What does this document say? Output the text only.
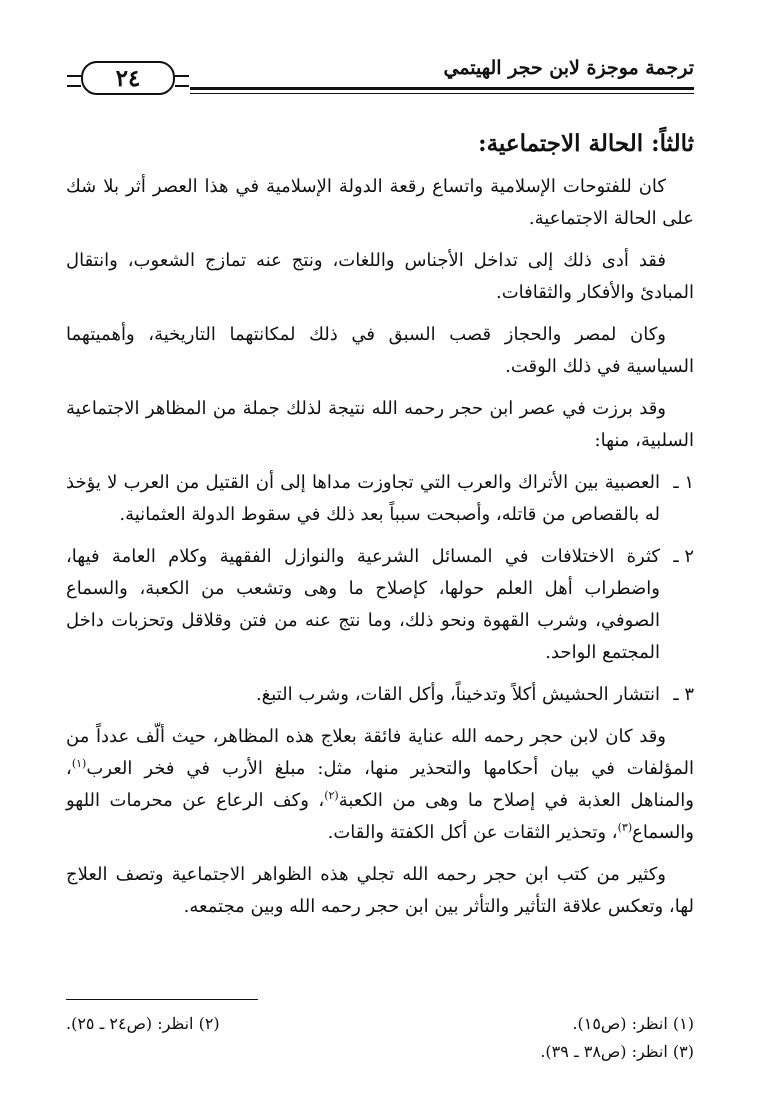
ترجمة موجزة لابن حجر الهيتمي
٢٤
ثالثاً: الحالة الاجتماعية:

كان للفتوحات الإسلامية واتساع رقعة الدولة الإسلامية في هذا العصر أثر بلا شك على الحالة الاجتماعية.

فقد أدى ذلك إلى تداخل الأجناس واللغات، ونتج عنه تمازج الشعوب، وانتقال المبادئ والأفكار والثقافات.

وكان لمصر والحجاز قصب السبق في ذلك لمكانتهما التاريخية، وأهميتهما السياسية في ذلك الوقت.

وقد برزت في عصر ابن حجر رحمه الله نتيجة لذلك جملة من المظاهر الاجتماعية السلبية، منها:

١ ـ
العصبية بين الأتراك والعرب التي تجاوزت مداها إلى أن القتيل من العرب لا يؤخذ له بالقصاص من قاتله، وأصبحت سبباً بعد ذلك في سقوط الدولة العثمانية.
٢ ـ
كثرة الاختلافات في المسائل الشرعية والنوازل الفقهية وكلام العامة فيها، واضطراب أهل العلم حولها، كإصلاح ما وهى وتشعب من الكعبة، والسماع الصوفي، وشرب القهوة ونحو ذلك، وما نتج عنه من فتن وقلاقل وتحزبات داخل المجتمع الواحد.
٣ ـ
انتشار الحشيش أكلاً وتدخيناً، وأكل القات، وشرب التبغ.

وقد كان لابن حجر رحمه الله عناية فائقة بعلاج هذه المظاهر، حيث ألّف عدداً من المؤلفات في بيان أحكامها والتحذير منها، مثل: مبلغ الأرب في فخر العرب$^{(١)}$، والمناهل العذبة في إصلاح ما وهى من الكعبة$^{(٢)}$، وكف الرعاع عن محرمات اللهو والسماع$^{(٣)}$، وتحذير الثقات عن أكل الكفتة والقات.

وكثير من كتب ابن حجر رحمه الله تجلي هذه الظواهر الاجتماعية وتصف العلاج لها، وتعكس علاقة التأثير والتأثر بين ابن حجر رحمه الله وبين مجتمعه.

(١) انظر: (ص١٥).
(٢) انظر: (ص٢٤ ـ ٢٥).
(٣) انظر: (ص٣٨ ـ ٣٩).
